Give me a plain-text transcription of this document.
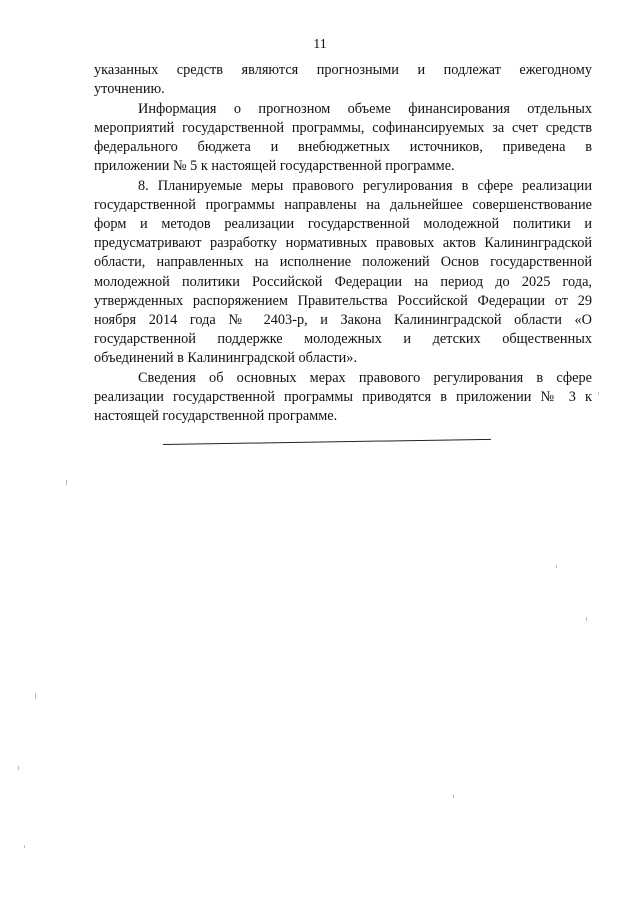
11
указанных средств являются прогнозными и подлежат ежегодному
уточнению.
Информация о прогнозном объеме финансирования отдельных
мероприятий государственной программы, софинансируемых за счет средств
федерального бюджета и внебюджетных источников, приведена в
приложении № 5 к настоящей государственной программе.
8. Планируемые меры правового регулирования в сфере реализации
государственной программы направлены на дальнейшее совершенствование
форм и методов реализации государственной молодежной политики и
предусматривают разработку нормативных правовых актов Калининградской
области, направленных на исполнение положений Основ государственной
молодежной политики Российской Федерации на период до 2025 года,
утвержденных распоряжением Правительства Российской Федерации от 29
ноября 2014 года № 2403-р, и Закона Калининградской области «О
государственной поддержке молодежных и детских общественных
объединений в Калининградской области».
Сведения об основных мерах правового регулирования в сфере
реализации государственной программы приводятся в приложении № 3 к
настоящей государственной программе.
